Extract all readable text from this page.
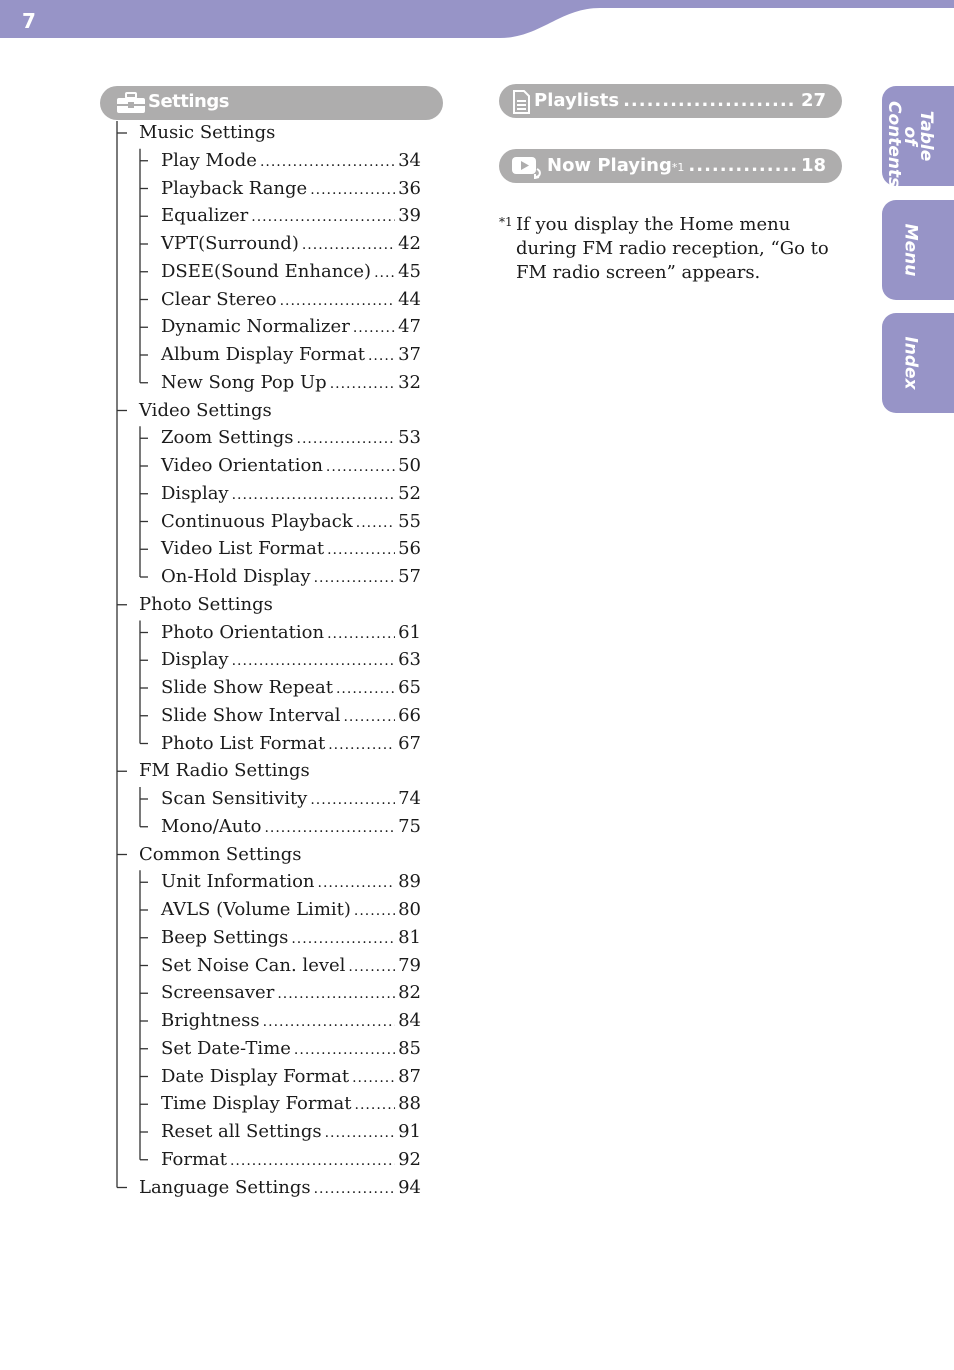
7
Settings
Music Settings
Play Mode .....	34
Playback Range .....	36
Equalizer .....	39
VPT(Surround) .....	42
DSEE(Sound Enhance) ..... 45
Clear Stereo .....	44
Dynamic Normalizer .....	47
Album Display Format ..... 37
New Song Pop Up .....	32
Video Settings
Zoom Settings .....	53
Video Orientation .....	50
Display .....	52
Continuous Playback .....	55
Video List Format .....	56
On-Hold Display .....	57
Photo Settings
Photo Orientation .....	61
Display .....	63
Slide Show Repeat .....	65
Slide Show Interval .....	66
Photo List Format .....	67
FM Radio Settings
Scan Sensitivity .....	74
Mono/Auto .....	75
Common Settings
Unit Information .....	89
AVLS (Volume Limit) .....	80
Beep Settings .....	81
Set Noise Can. level .....	79
Screensaver .....	82
Brightness .....	84
Set Date-Time .....	85
Date Display Format .....	87
Time Display Format .....	88
Reset all Settings .....	91
Format .....	92
Language Settings .....	94
Playlists .....	27
Now Playing *1 .....	18
*1 If you display the Home menu during FM radio reception, “Go to FM radio screen” appears.
Table of Contents
Menu
Index
